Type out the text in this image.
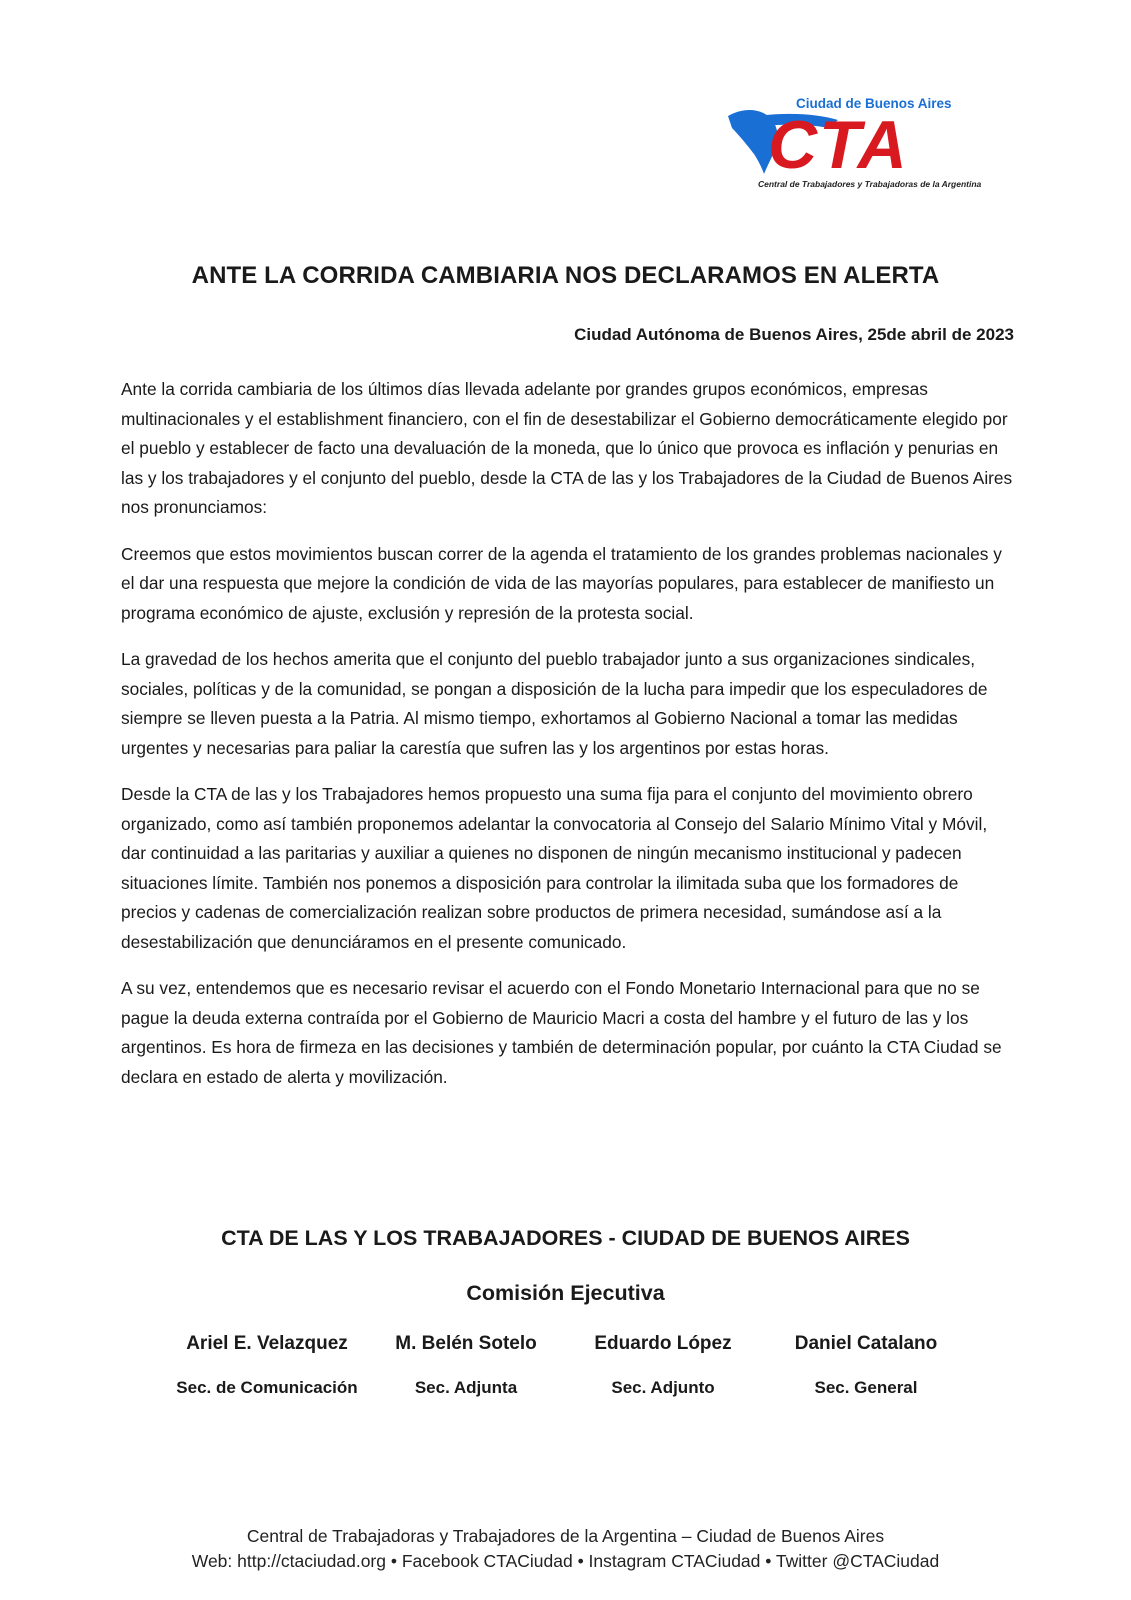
CTA
Ciudad de Buenos Aires
Central de Trabajadores y Trabajadoras de la Argentina
ANTE LA CORRIDA CAMBIARIA NOS DECLARAMOS EN ALERTA
Ciudad Autónoma de Buenos Aires, 25de abril de 2023

Ante la corrida cambiaria de los últimos días llevada adelante por grandes grupos económicos, empresas multinacionales y el establishment financiero, con el fin de desestabilizar el Gobierno democráticamente elegido por el pueblo y establecer de facto una devaluación de la moneda, que lo único que provoca es inflación y penurias en las y los trabajadores y el conjunto del pueblo, desde la CTA de las y los Trabajadores de la Ciudad de Buenos Aires nos pronunciamos:

Creemos que estos movimientos buscan correr de la agenda el tratamiento de los grandes problemas nacionales y el dar una respuesta que mejore la condición de vida de las mayorías populares, para establecer de manifiesto un programa económico de ajuste, exclusión y represión de la protesta social.

La gravedad de los hechos amerita que el conjunto del pueblo trabajador junto a sus organizaciones sindicales, sociales, políticas y de la comunidad, se pongan a disposición de la lucha para impedir que los especuladores de siempre se lleven puesta a la Patria. Al mismo tiempo, exhortamos al Gobierno Nacional a tomar las medidas urgentes y necesarias para paliar la carestía que sufren las y los argentinos por estas horas.

Desde la CTA de las y los Trabajadores hemos propuesto una suma fija para el conjunto del movimiento obrero organizado, como así también proponemos adelantar la convocatoria al Consejo del Salario Mínimo Vital y Móvil, dar continuidad a las paritarias y auxiliar a quienes no disponen de ningún mecanismo institucional y padecen situaciones límite. También nos ponemos a disposición para controlar la ilimitada suba que los formadores de precios y cadenas de comercialización realizan sobre productos de primera necesidad, sumándose así a la desestabilización que denunciáramos en el presente comunicado.

A su vez, entendemos que es necesario revisar el acuerdo con el Fondo Monetario Internacional para que no se pague la deuda externa contraída por el Gobierno de Mauricio Macri a costa del hambre y el futuro de las y los argentinos. Es hora de firmeza en las decisiones y también de determinación popular, por cuánto la CTA Ciudad se declara en estado de alerta y movilización.

CTA DE LAS Y LOS TRABAJADORES - CIUDAD DE BUENOS AIRES
Comisión Ejecutiva
Ariel E. Velazquez
Sec. de Comunicación
M. Belén Sotelo
Sec. Adjunta
Eduardo López
Sec. Adjunto
Daniel Catalano
Sec. General
Central de Trabajadoras y Trabajadores de la Argentina – Ciudad de Buenos Aires
Web: http://ctaciudad.org • Facebook CTACiudad • Instagram CTACiudad • Twitter @CTACiudad
